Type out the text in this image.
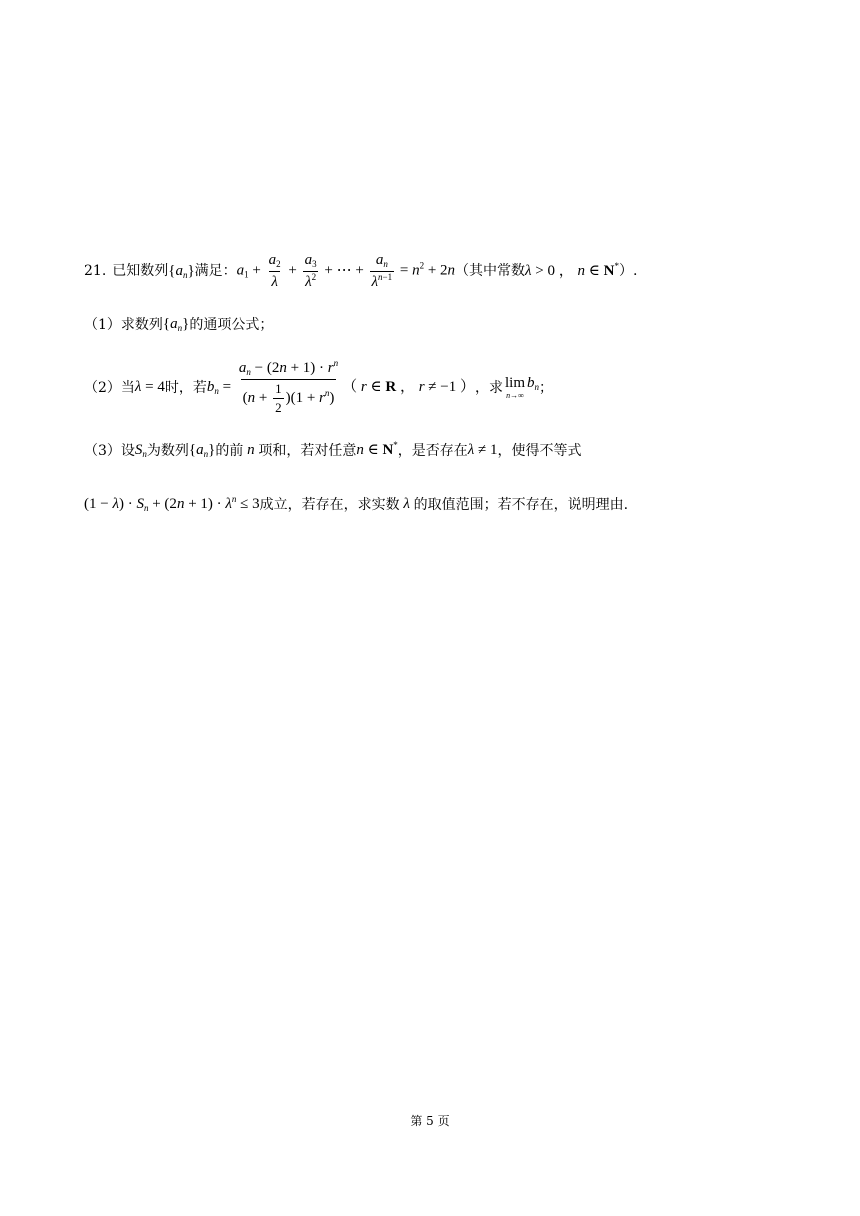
21. 已知数列 $\{a_n\}$ 满足： $a_1 + \frac{a_2}{\lambda} + \frac{a_3}{\lambda^2}$ + ⋯ + $\frac{a_n}{\lambda^{n-1}} = n^2 + 2n$ （其中常数 λ > 0 ， n ∈ N* ）.
（1） 求数列 $\{a_n\}$ 的通项公式；
（2） 当 λ = 4 时，若 $b_n = \frac{a_n - (2n + 1) \cdot r^n}{(n + \frac{1}{2} )(1 + r^n)}$ （ r ∈ R ， r ≠ −1 ） ，求 lim
n→∞
$b_n$ ；
（3） 设 $S_n$ 为数列 $\{a_n\}$ 的前 n 项和，若对任意 n ∈ N* ，是否存在 λ ≠ 1 ，使得不等式
$(1 - \lambda) \cdot S_n + (2n + 1) \cdot \lambda^n \le 3$ 成立，若存在，求实数 λ 的取值范围；若不存在，说明理由.
第 5 页
